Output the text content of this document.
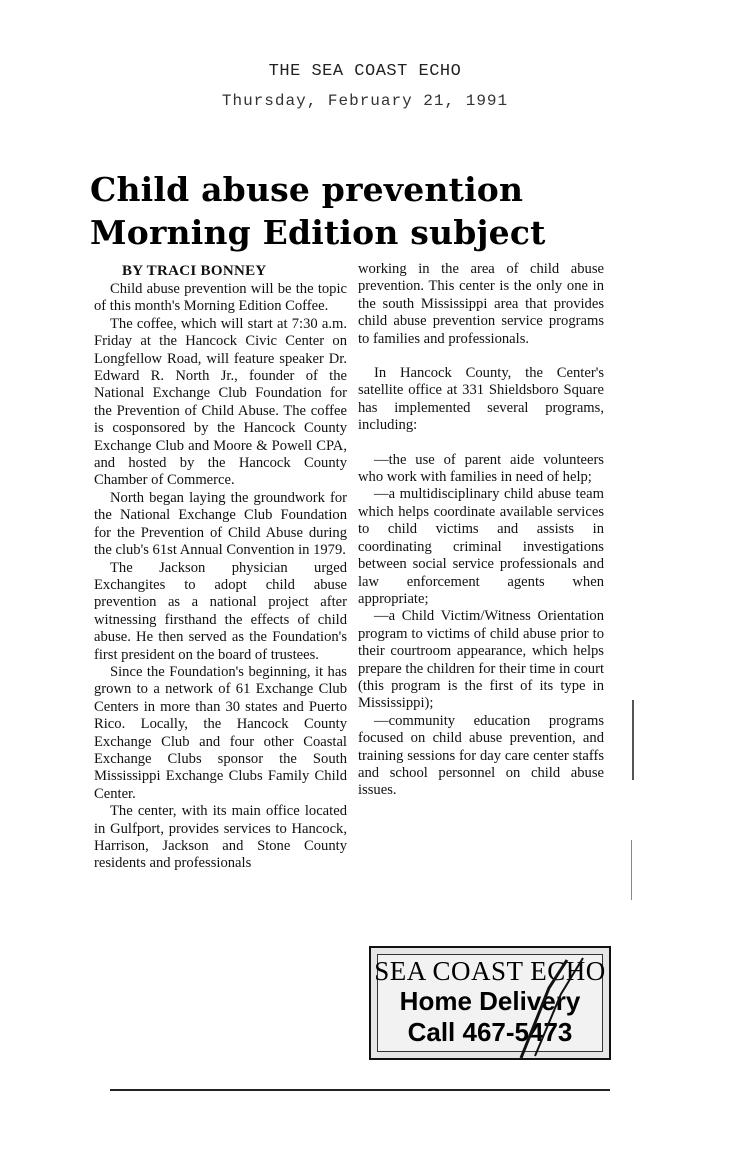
THE SEA COAST ECHO
Thursday, February 21, 1991
Child abuse prevention
Morning Edition subject
BY TRACI BONNEY

Child abuse prevention will be the topic of this month's Morning Edition Coffee.

The coffee, which will start at 7:30 a.m. Friday at the Hancock Civic Center on Longfellow Road, will feature speaker Dr. Edward R. North Jr., founder of the National Exchange Club Foundation for the Prevention of Child Abuse. The coffee is cosponsored by the Hancock County Exchange Club and Moore & Powell CPA, and hosted by the Hancock County Chamber of Commerce.

North began laying the groundwork for the National Exchange Club Foundation for the Prevention of Child Abuse during the club's 61st Annual Convention in 1979.

The Jackson physician urged Exchangites to adopt child abuse prevention as a national project after witnessing firsthand the effects of child abuse. He then served as the Foundation's first president on the board of trustees.

Since the Foundation's beginning, it has grown to a network of 61 Exchange Club Centers in more than 30 states and Puerto Rico. Locally, the Hancock County Exchange Club and four other Coastal Exchange Clubs sponsor the South Mississippi Exchange Clubs Family Child Center.

The center, with its main office located in Gulfport, provides services to Hancock, Harrison, Jackson and Stone County residents and professionals

working in the area of child abuse prevention. This center is the only one in the south Mississippi area that provides child abuse prevention service programs to families and professionals.

In Hancock County, the Center's satellite office at 331 Shieldsboro Square has implemented several programs, including:

—the use of parent aide volunteers who work with families in need of help;

—a multidisciplinary child abuse team which helps coordinate available services to child victims and assists in coordinating criminal investigations between social service professionals and law enforcement agents when appropriate;

—a Child Victim/Witness Orientation program to victims of child abuse prior to their courtroom appearance, which helps prepare the children for their time in court (this program is the first of its type in Mississippi);

—community education programs focused on child abuse prevention, and training sessions for day care center staffs and school personnel on child abuse issues.

SEA COAST ECHO
Home Delivery
Call 467-5473
